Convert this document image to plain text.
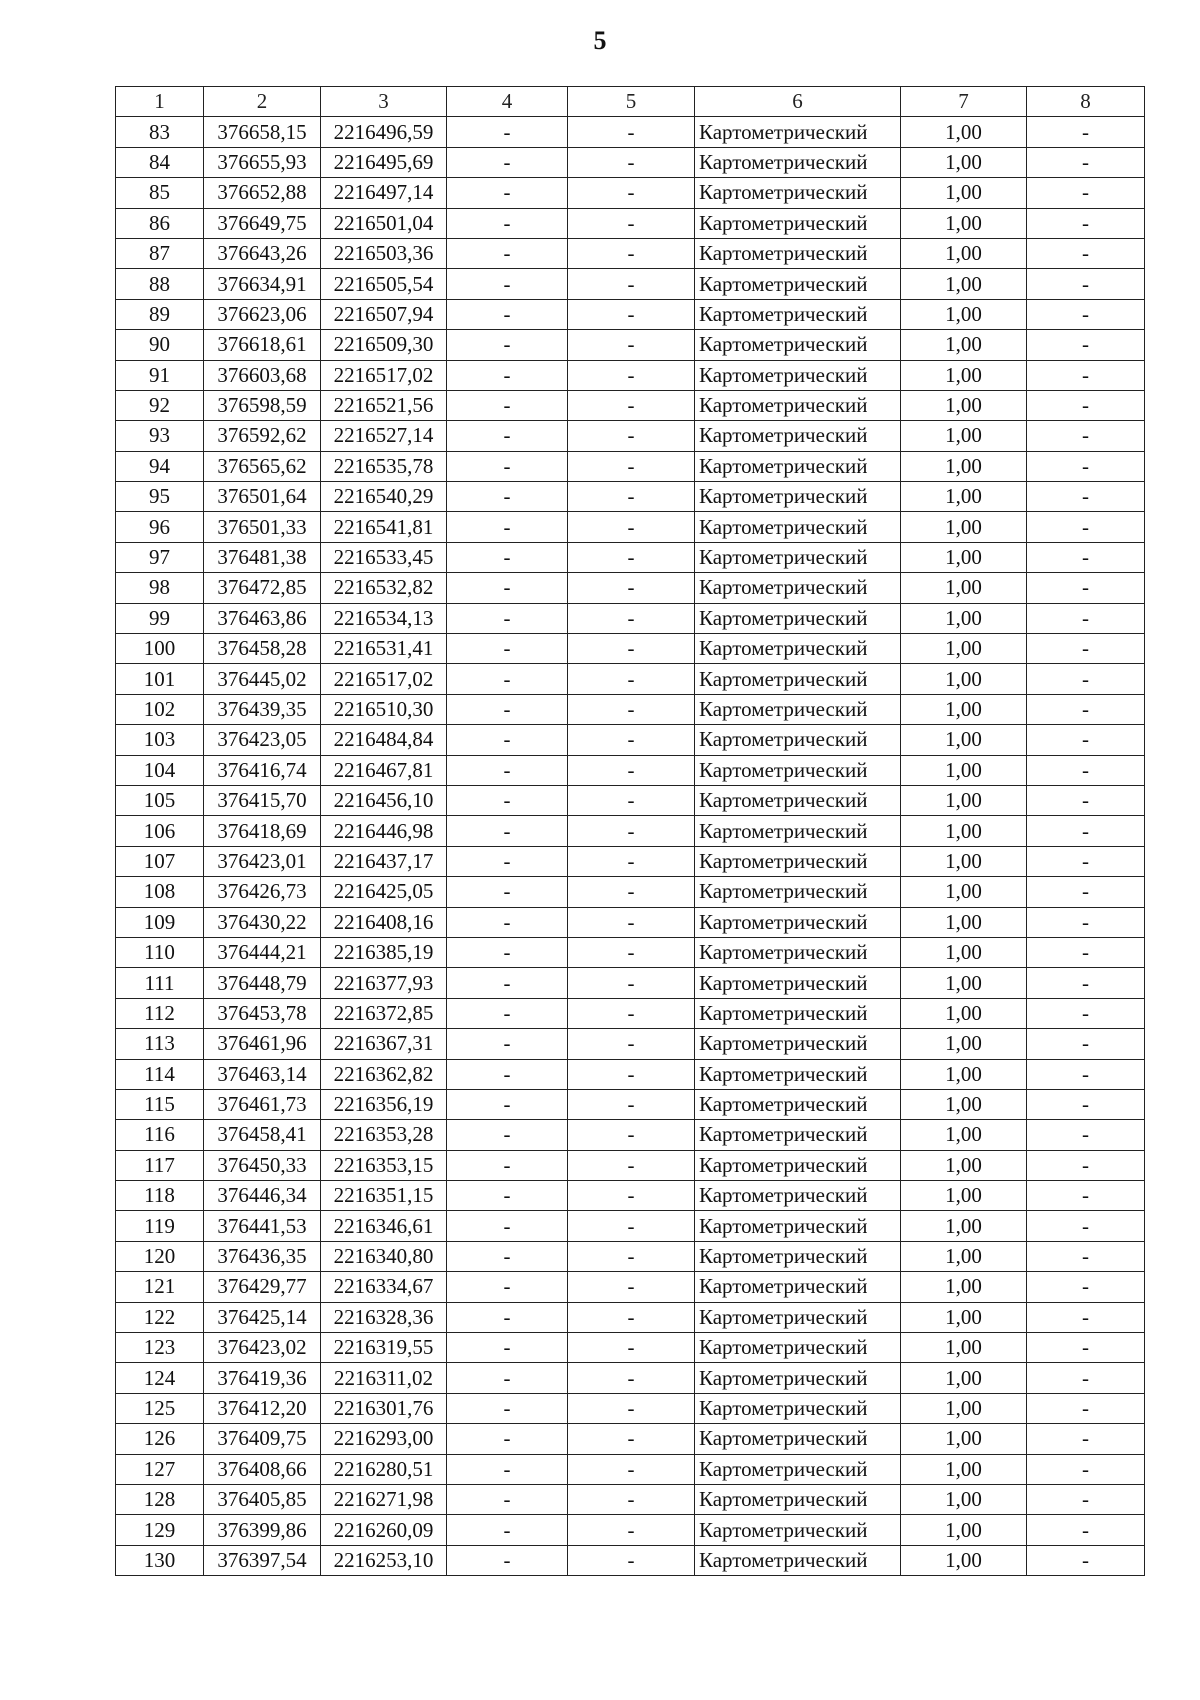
5
1	2	3	4	5	6	7	8
83	376658,15	2216496,59	-	-	Картометрический	1,00	-
84	376655,93	2216495,69	-	-	Картометрический	1,00	-
85	376652,88	2216497,14	-	-	Картометрический	1,00	-
86	376649,75	2216501,04	-	-	Картометрический	1,00	-
87	376643,26	2216503,36	-	-	Картометрический	1,00	-
88	376634,91	2216505,54	-	-	Картометрический	1,00	-
89	376623,06	2216507,94	-	-	Картометрический	1,00	-
90	376618,61	2216509,30	-	-	Картометрический	1,00	-
91	376603,68	2216517,02	-	-	Картометрический	1,00	-
92	376598,59	2216521,56	-	-	Картометрический	1,00	-
93	376592,62	2216527,14	-	-	Картометрический	1,00	-
94	376565,62	2216535,78	-	-	Картометрический	1,00	-
95	376501,64	2216540,29	-	-	Картометрический	1,00	-
96	376501,33	2216541,81	-	-	Картометрический	1,00	-
97	376481,38	2216533,45	-	-	Картометрический	1,00	-
98	376472,85	2216532,82	-	-	Картометрический	1,00	-
99	376463,86	2216534,13	-	-	Картометрический	1,00	-
100	376458,28	2216531,41	-	-	Картометрический	1,00	-
101	376445,02	2216517,02	-	-	Картометрический	1,00	-
102	376439,35	2216510,30	-	-	Картометрический	1,00	-
103	376423,05	2216484,84	-	-	Картометрический	1,00	-
104	376416,74	2216467,81	-	-	Картометрический	1,00	-
105	376415,70	2216456,10	-	-	Картометрический	1,00	-
106	376418,69	2216446,98	-	-	Картометрический	1,00	-
107	376423,01	2216437,17	-	-	Картометрический	1,00	-
108	376426,73	2216425,05	-	-	Картометрический	1,00	-
109	376430,22	2216408,16	-	-	Картометрический	1,00	-
110	376444,21	2216385,19	-	-	Картометрический	1,00	-
111	376448,79	2216377,93	-	-	Картометрический	1,00	-
112	376453,78	2216372,85	-	-	Картометрический	1,00	-
113	376461,96	2216367,31	-	-	Картометрический	1,00	-
114	376463,14	2216362,82	-	-	Картометрический	1,00	-
115	376461,73	2216356,19	-	-	Картометрический	1,00	-
116	376458,41	2216353,28	-	-	Картометрический	1,00	-
117	376450,33	2216353,15	-	-	Картометрический	1,00	-
118	376446,34	2216351,15	-	-	Картометрический	1,00	-
119	376441,53	2216346,61	-	-	Картометрический	1,00	-
120	376436,35	2216340,80	-	-	Картометрический	1,00	-
121	376429,77	2216334,67	-	-	Картометрический	1,00	-
122	376425,14	2216328,36	-	-	Картометрический	1,00	-
123	376423,02	2216319,55	-	-	Картометрический	1,00	-
124	376419,36	2216311,02	-	-	Картометрический	1,00	-
125	376412,20	2216301,76	-	-	Картометрический	1,00	-
126	376409,75	2216293,00	-	-	Картометрический	1,00	-
127	376408,66	2216280,51	-	-	Картометрический	1,00	-
128	376405,85	2216271,98	-	-	Картометрический	1,00	-
129	376399,86	2216260,09	-	-	Картометрический	1,00	-
130	376397,54	2216253,10	-	-	Картометрический	1,00	-
